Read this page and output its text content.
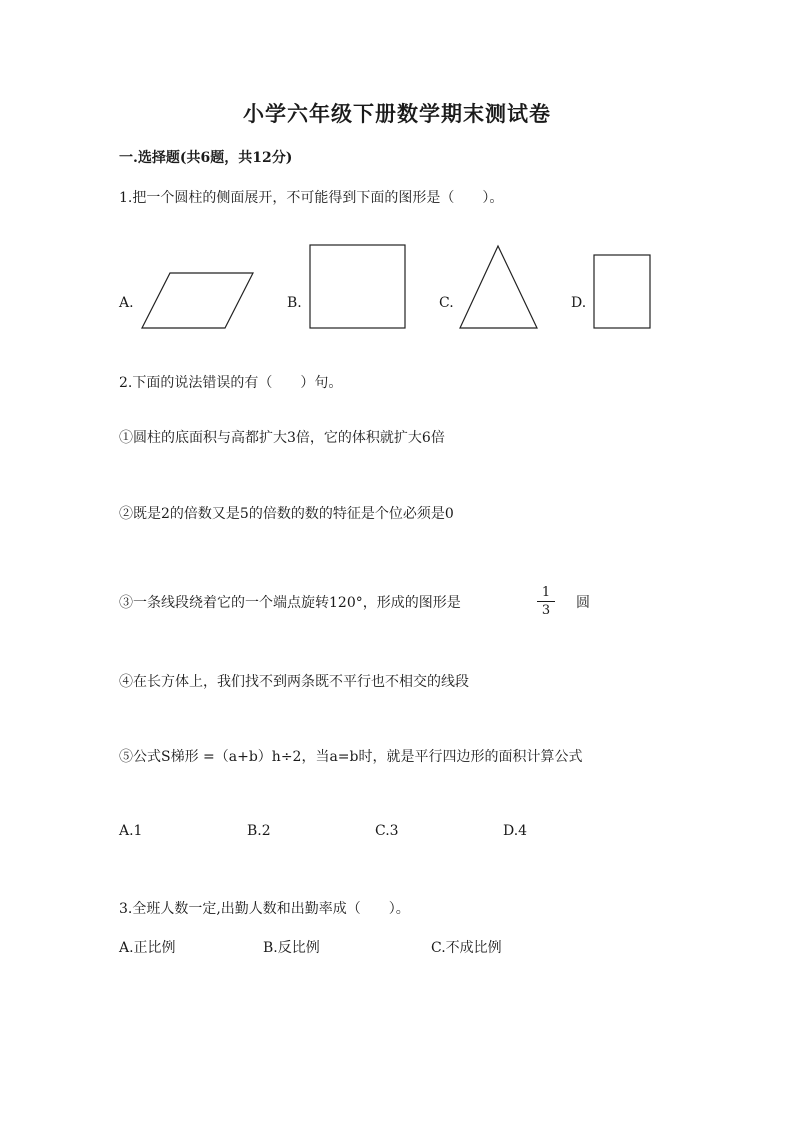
小学六年级下册数学期末测试卷
一.选择题(共6题，共12分)
1.把一个圆柱的侧面展开，不可能得到下面的图形是（　　）。
A.	B.	C.	D.
2.下面的说法错误的有（　　）句。
①圆柱的底面积与高都扩大3倍，它的体积就扩大6倍
②既是2的倍数又是5的倍数的数的特征是个位必须是0
③一条线段绕着它的一个端点旋转120°，形成的图形是
1
3	圆
④在长方体上，我们找不到两条既不平行也不相交的线段
⑤公式S梯形 =（a+b）h÷2，当a=b时，就是平行四边形的面积计算公式
A.1	B.2	C.3	D.4
3.全班人数一定,出勤人数和出勤率成（　　）。
A.正比例	B.反比例	C.不成比例
